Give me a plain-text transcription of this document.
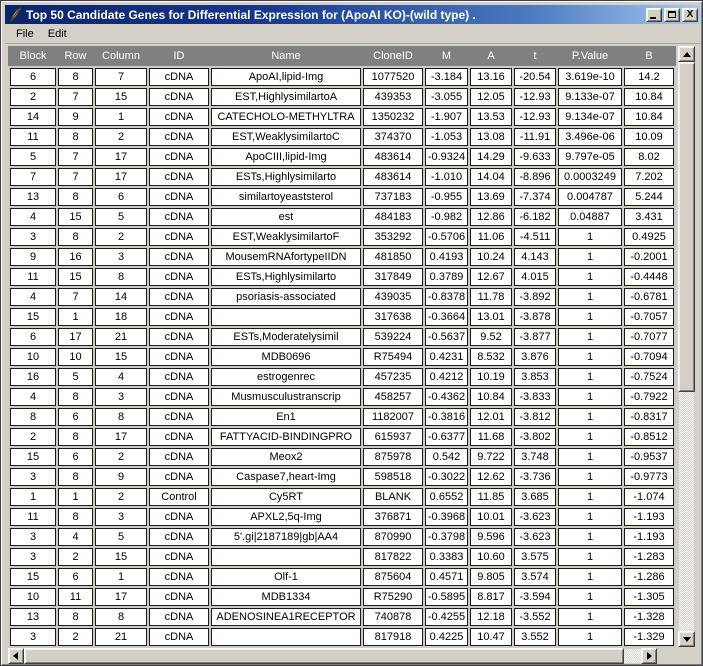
Top 50 Candidate Genes for Differential Expression for (ApoAI KO)-(wild type) .	X
File	Edit
Block	Row	Column	ID	Name	CloneID	M	A	t	P.Value	B
6	8	7	cDNA	ApoAI,lipid-Img	1077520	-3.184	13.16	-20.54	3.619e-10	14.2
2	7	15	cDNA	EST,HighlysimilartoA	439353	-3.055	12.05	-12.93	9.133e-07	10.84
14	9	1	cDNA	CATECHOLO-METHYLTRA	1350232	-1.907	13.53	-12.93	9.134e-07	10.84
11	8	2	cDNA	EST,WeaklysimilartoC	374370	-1.053	13.08	-11.91	3.496e-06	10.09
5	7	17	cDNA	ApoCIII,lipid-Img	483614	-0.9324	14.29	-9.633	9.797e-05	8.02
7	7	17	cDNA	ESTs,Highlysimilarto	483614	-1.010	14.04	-8.896	0.0003249	7.202
13	8	6	cDNA	similartoyeaststerol	737183	-0.955	13.69	-7.374	0.004787	5.244
4	15	5	cDNA	est	484183	-0.982	12.86	-6.182	0.04887	3.431
3	8	2	cDNA	EST,WeaklysimilartoF	353292	-0.5706	11.06	-4.511	1	0.4925
9	16	3	cDNA	MousemRNAfortypeIIDN	481850	0.4193	10.24	4.143	1	-0.2001
11	15	8	cDNA	ESTs,Highlysimilarto	317849	0.3789	12.67	4.015	1	-0.4448
4	7	14	cDNA	psoriasis-associated	439035	-0.8378	11.78	-3.892	1	-0.6781
15	1	18	cDNA		317638	-0.3664	13.01	-3.878	1	-0.7057
6	17	21	cDNA	ESTs,Moderatelysimil	539224	-0.5637	9.52	-3.877	1	-0.7077
10	10	15	cDNA	MDB0696	R75494	0.4231	8.532	3.876	1	-0.7094
16	5	4	cDNA	estrogenrec	457235	0.4212	10.19	3.853	1	-0.7524
4	8	3	cDNA	Musmusculustranscrip	458257	-0.4362	10.84	-3.833	1	-0.7922
8	6	8	cDNA	En1	1182007	-0.3816	12.01	-3.812	1	-0.8317
2	8	17	cDNA	FATTYACID-BINDINGPRO	615937	-0.6377	11.68	-3.802	1	-0.8512
15	6	2	cDNA	Meox2	875978	0.542	9.722	3.748	1	-0.9537
3	8	9	cDNA	Caspase7,heart-Img	598518	-0.3022	12.62	-3.736	1	-0.9773
1	1	2	Control	Cy5RT	BLANK	0.6552	11.85	3.685	1	-1.074
11	8	3	cDNA	APXL2,5q-Img	376871	-0.3968	10.01	-3.623	1	-1.193
3	4	5	cDNA	5'.gi|2187189|gb|AA4	870990	-0.3798	9.596	-3.623	1	-1.193
3	2	15	cDNA		817822	0.3383	10.60	3.575	1	-1.283
15	6	1	cDNA	Olf-1	875604	0.4571	9.805	3.574	1	-1.286
10	11	17	cDNA	MDB1334	R75290	-0.5895	8.817	-3.594	1	-1.305
13	8	8	cDNA	ADENOSINEA1RECEPTOR	740878	-0.4255	12.18	-3.552	1	-1.328
3	2	21	cDNA		817918	0.4225	10.47	3.552	1	-1.329
